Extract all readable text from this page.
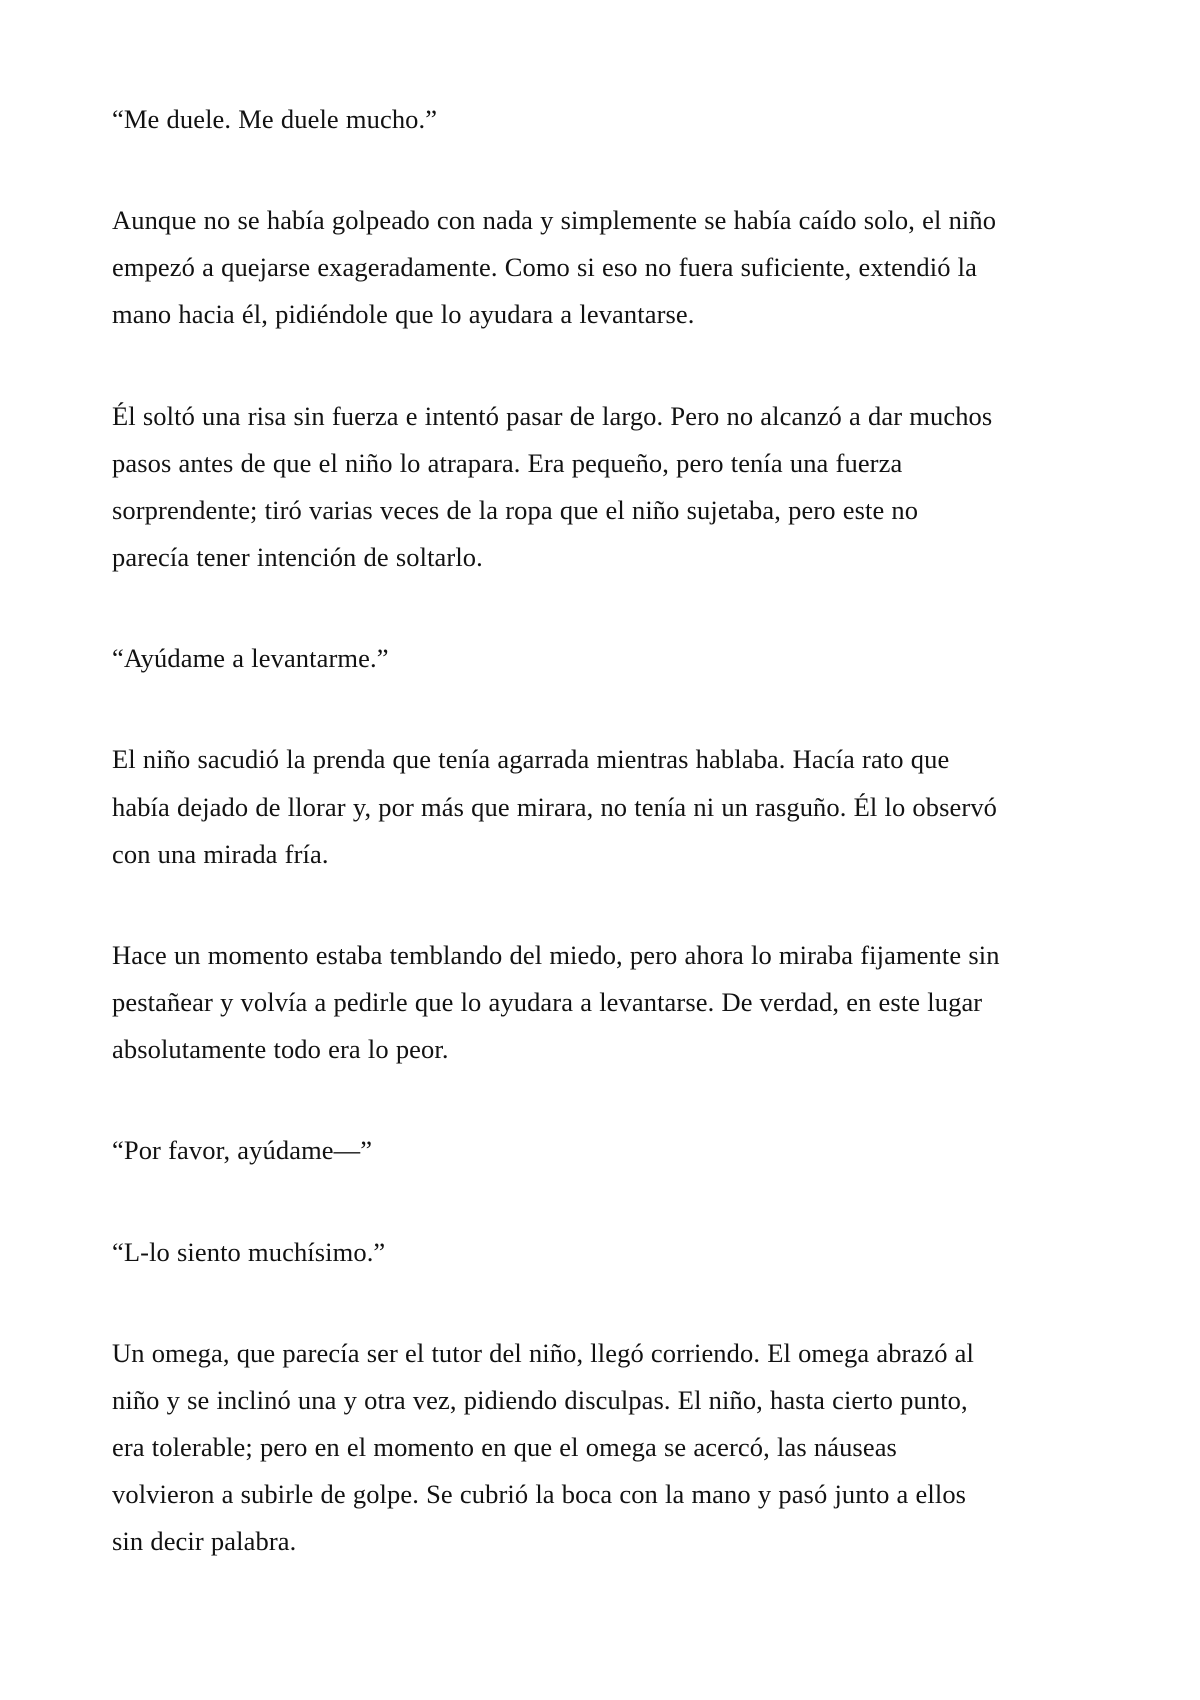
“Me duele. Me duele mucho.”

Aunque no se había golpeado con nada y simplemente se había caído solo, el niño empezó a quejarse exageradamente. Como si eso no fuera suficiente, extendió la mano hacia él, pidiéndole que lo ayudara a levantarse.

Él soltó una risa sin fuerza e intentó pasar de largo. Pero no alcanzó a dar muchos pasos antes de que el niño lo atrapara. Era pequeño, pero tenía una fuerza sorprendente; tiró varias veces de la ropa que el niño sujetaba, pero este no parecía tener intención de soltarlo.

“Ayúdame a levantarme.”

El niño sacudió la prenda que tenía agarrada mientras hablaba. Hacía rato que había dejado de llorar y, por más que mirara, no tenía ni un rasguño. Él lo observó con una mirada fría.

Hace un momento estaba temblando del miedo, pero ahora lo miraba fijamente sin pestañear y volvía a pedirle que lo ayudara a levantarse. De verdad, en este lugar absolutamente todo era lo peor.

“Por favor, ayúdame—”

“L-lo siento muchísimo.”

Un omega, que parecía ser el tutor del niño, llegó corriendo. El omega abrazó al niño y se inclinó una y otra vez, pidiendo disculpas. El niño, hasta cierto punto, era tolerable; pero en el momento en que el omega se acercó, las náuseas volvieron a subirle de golpe. Se cubrió la boca con la mano y pasó junto a ellos sin decir palabra.
